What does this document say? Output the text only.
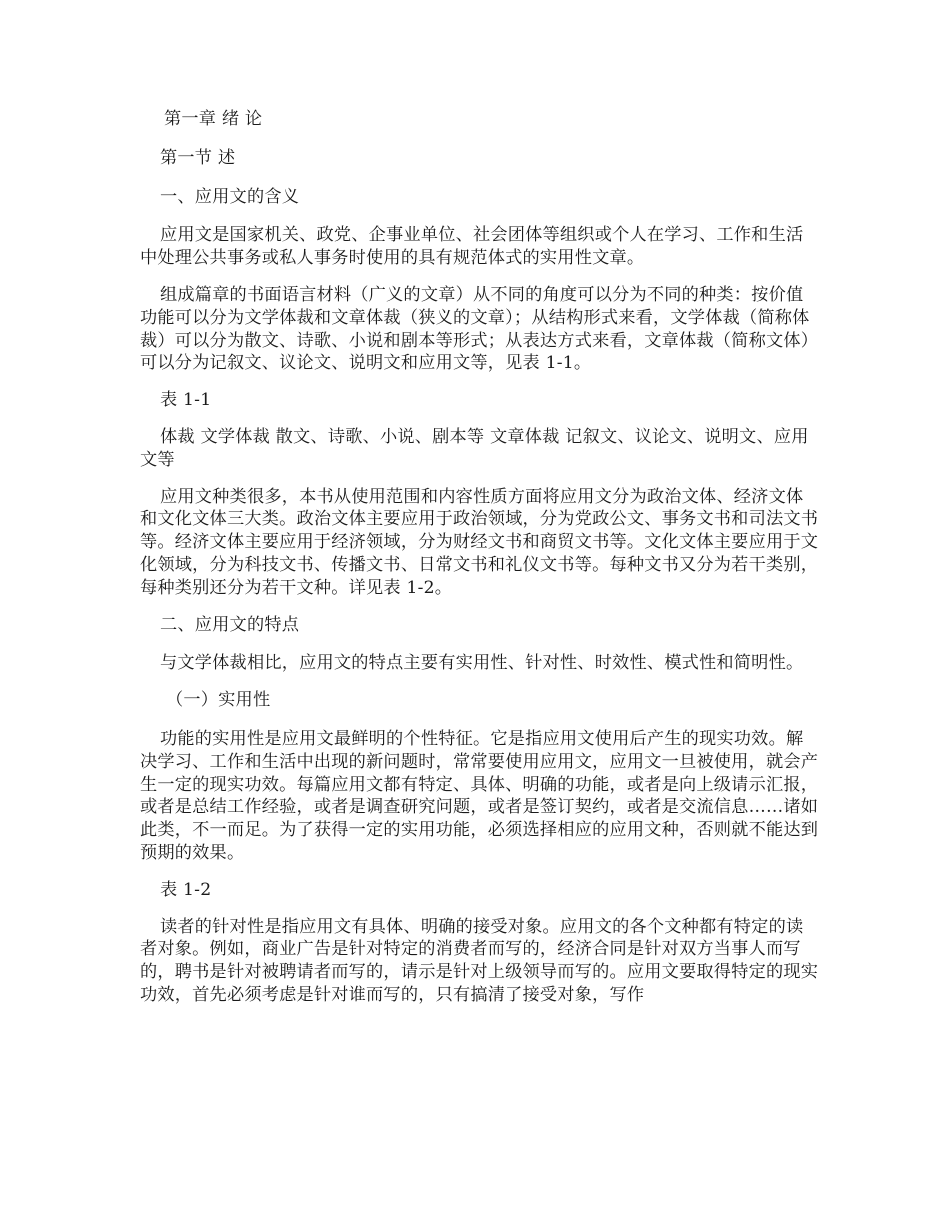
第一章 绪 论

第一节 述

一、应用文的含义

应用文是国家机关、政党、企事业单位、社会团体等组织或个人在学习、工作和生活中处理公共事务或私人事务时使用的具有规范体式的实用性文章。

组成篇章的书面语言材料（广义的文章）从不同的角度可以分为不同的种类：按价值功能可以分为文学体裁和文章体裁（狭义的文章）；从结构形式来看，文学体裁（简称体裁）可以分为散文、诗歌、小说和剧本等形式；从表达方式来看，文章体裁（简称文体）可以分为记叙文、议论文、说明文和应用文等，见表 1-1。

表 1-1

体裁 文学体裁 散文、诗歌、小说、剧本等 文章体裁 记叙文、议论文、说明文、应用文等

应用文种类很多，本书从使用范围和内容性质方面将应用文分为政治文体、经济文体和文化文体三大类。政治文体主要应用于政治领域，分为党政公文、事务文书和司法文书等。经济文体主要应用于经济领域，分为财经文书和商贸文书等。文化文体主要应用于文化领域，分为科技文书、传播文书、日常文书和礼仪文书等。每种文书又分为若干类别，每种类别还分为若干文种。详见表 1-2。

二、应用文的特点

与文学体裁相比，应用文的特点主要有实用性、针对性、时效性、模式性和简明性。

（一）实用性

功能的实用性是应用文最鲜明的个性特征。它是指应用文使用后产生的现实功效。解决学习、工作和生活中出现的新问题时，常常要使用应用文，应用文一旦被使用，就会产生一定的现实功效。每篇应用文都有特定、具体、明确的功能，或者是向上级请示汇报，或者是总结工作经验，或者是调查研究问题，或者是签订契约，或者是交流信息……诸如此类，不一而足。为了获得一定的实用功能，必须选择相应的应用文种，否则就不能达到预期的效果。

表 1-2

读者的针对性是指应用文有具体、明确的接受对象。应用文的各个文种都有特定的读者对象。例如，商业广告是针对特定的消费者而写的，经济合同是针对双方当事人而写的，聘书是针对被聘请者而写的，请示是针对上级领导而写的。应用文要取得特定的现实功效，首先必须考虑是针对谁而写的，只有搞清了接受对象，写作
